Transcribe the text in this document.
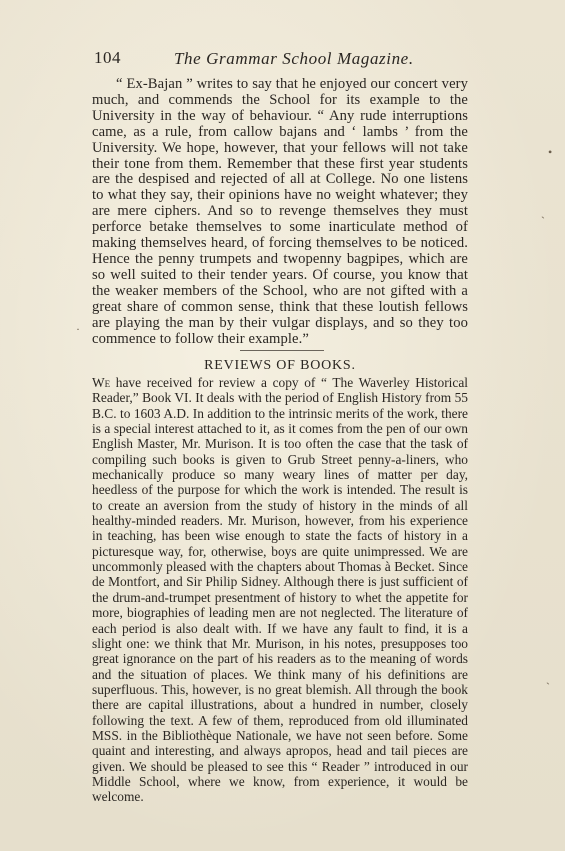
104	The Grammar School Magazine.

“ Ex-Bajan ” writes to say that he enjoyed our concert very much, and commends the School for its example to the University in the way of behaviour. “ Any rude interruptions came, as a rule, from callow bajans and ‘ lambs ’ from the University. We hope, however, that your fellows will not take their tone from them. Remember that these first year students are the despised and rejected of all at College. No one listens to what they say, their opinions have no weight whatever; they are mere ciphers. And so to revenge themselves they must perforce betake themselves to some inarticulate method of making themselves heard, of forcing themselves to be noticed. Hence the penny trumpets and twopenny bagpipes, which are so well suited to their tender years. Of course, you know that the weaker members of the School, who are not gifted with a great share of common sense, think that these loutish fellows are playing the man by their vulgar displays, and so they too commence to follow their example.”

REVIEWS OF BOOKS.

We have received for review a copy of “ The Waverley Historical Reader,” Book VI. It deals with the period of English History from 55 B.C. to 1603 A.D. In addition to the intrinsic merits of the work, there is a special interest attached to it, as it comes from the pen of our own English Master, Mr. Murison. It is too often the case that the task of compiling such books is given to Grub Street penny-a-liners, who mechanically produce so many weary lines of matter per day, heedless of the purpose for which the work is intended. The result is to create an aversion from the study of history in the minds of all healthy-minded readers. Mr. Murison, however, from his experience in teaching, has been wise enough to state the facts of history in a picturesque way, for, otherwise, boys are quite unimpressed. We are uncommonly pleased with the chapters about Thomas à Becket. Since de Montfort, and Sir Philip Sidney. Although there is just sufficient of the drum-and-trumpet presentment of history to whet the appetite for more, biographies of leading men are not neglected. The literature of each period is also dealt with. If we have any fault to find, it is a slight one: we think that Mr. Murison, in his notes, presupposes too great ignorance on the part of his readers as to the meaning of words and the situation of places. We think many of his definitions are superfluous. This, however, is no great blemish. All through the book there are capital illustrations, about a hundred in number, closely following the text. A few of them, reproduced from old illuminated MSS. in the Bibliothèque Nationale, we have not seen before. Some quaint and interesting, and always apropos, head and tail pieces are given. We should be pleased to see this “ Reader ” introduced in our Middle School, where we know, from experience, it would be welcome.

•
ˎ
·
ˎ
